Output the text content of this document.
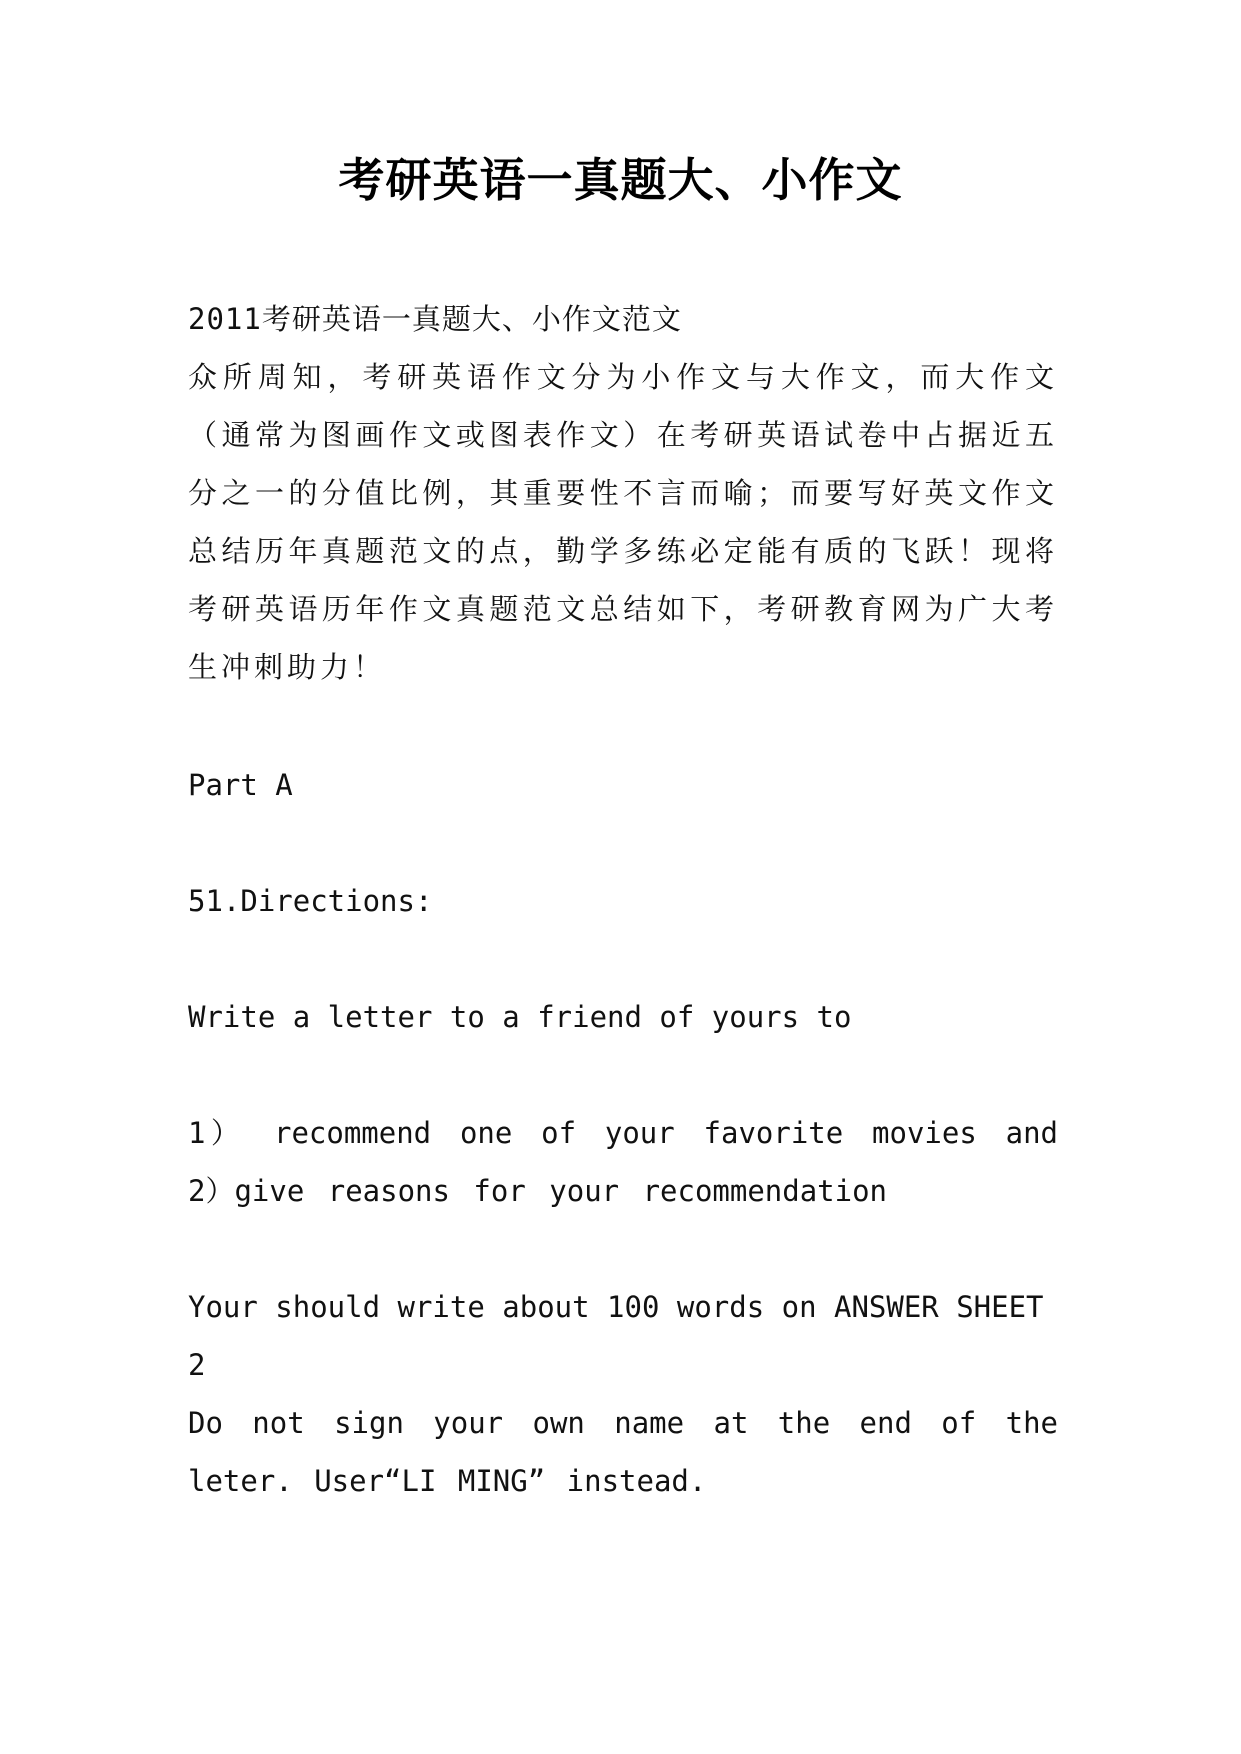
考研英语一真题大、小作文
2011考研英语一真题大、小作文范文
众所周知，考研英语作文分为小作文与大作文，而大作文（通常为图画作文或图表作文）在考研英语试卷中占据近五分之一的分值比例，其重要性不言而喻；而要写好英文作文总结历年真题范文的点，勤学多练必定能有质的飞跃！现将考研英语历年作文真题范文总结如下，考研教育网为广大考生冲刺助力！
Part A
51.Directions:
Write a letter to a friend of yours to
1） recommend one of your favorite movies and 2）give reasons for your recommendation
Your should write about 100 words on ANSWER SHEET 2
Do not sign your own name at the end of the leter. User“LI MING” instead.
